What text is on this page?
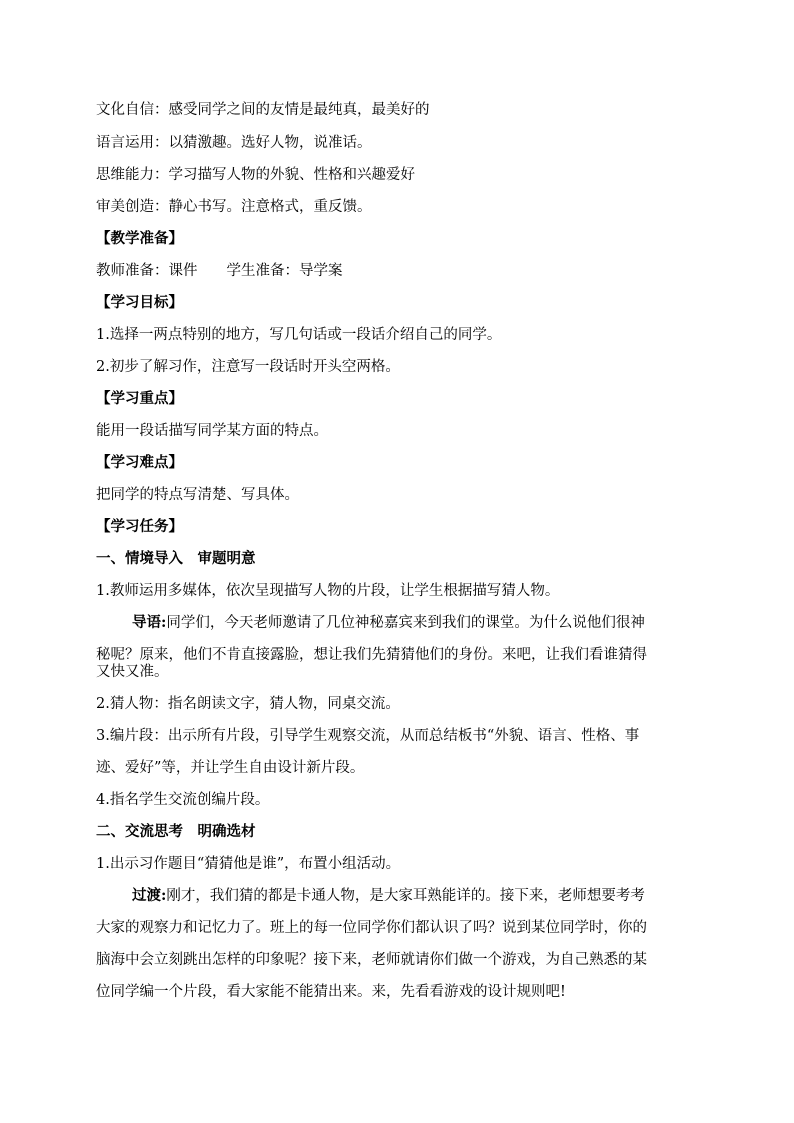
文化自信：感受同学之间的友情是最纯真，最美好的
语言运用：以猜激趣。选好人物，说准话。
思维能力：学习描写人物的外貌、性格和兴趣爱好
审美创造：静心书写。注意格式，重反馈。
【教学准备】
教师准备：课件　　学生准备：导学案
【学习目标】
1.选择一两点特别的地方，写几句话或一段话介绍自己的同学。
2.初步了解习作，注意写一段话时开头空两格。
【学习重点】
能用一段话描写同学某方面的特点。
【学习难点】
把同学的特点写清楚、写具体。
【学习任务】
一、情境导入　审题明意
1.教师运用多媒体，依次呈现描写人物的片段，让学生根据描写猜人物。
导语:同学们，今天老师邀请了几位神秘嘉宾来到我们的课堂。为什么说他们很神
秘呢？原来，他们不肯直接露脸，想让我们先猜猜他们的身份。来吧，让我们看谁猜得
又快又准。
2.猜人物：指名朗读文字，猜人物，同桌交流。
3.编片段：出示所有片段，引导学生观察交流，从而总结板书“外貌、语言、性格、事
迹、爱好”等，并让学生自由设计新片段。
4.指名学生交流创编片段。
二、交流思考　明确选材
1.出示习作题目“猜猜他是谁”，布置小组活动。
过渡:刚才，我们猜的都是卡通人物，是大家耳熟能详的。接下来，老师想要考考
大家的观察力和记忆力了。班上的每一位同学你们都认识了吗？说到某位同学时，你的
脑海中会立刻跳出怎样的印象呢？接下来，老师就请你们做一个游戏，为自己熟悉的某
位同学编一个片段，看大家能不能猜出来。来，先看看游戏的设计规则吧!
